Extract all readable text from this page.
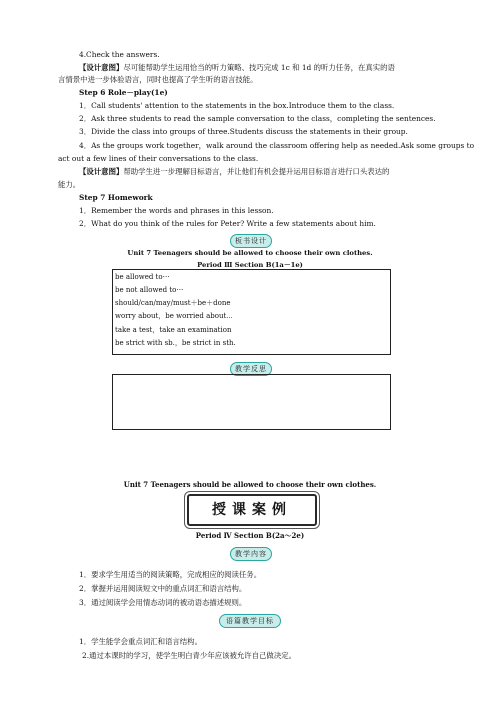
4.Check the answers.
【设计意图】尽可能帮助学生运用恰当的听力策略、技巧完成 1c 和 1d 的听力任务，在真实的语
言情景中进一步体验语言，同时也提高了学生听的语言技能。
Step 6 Role－play(1e)
1．Call students' attention to the statements in the box.Introduce them to the class.
2．Ask three students to read the sample conversation to the class，completing the sentences.
3．Divide the class into groups of three.Students discuss the statements in their group.
4．As the groups work together，walk around the classroom offering help as needed.Ask some groups to
act out a few lines of their conversations to the class.
【设计意图】帮助学生进一步理解目标语言，并让他们有机会提升运用目标语言进行口头表达的
能力。
Step 7 Homework
1．Remember the words and phrases in this lesson.
2．What do you think of the rules for Peter? Write a few statements about him.
板书设计
Unit 7 Teenagers should be allowed to choose their own clothes.
Period Ⅲ Section B(1a－1e)
be allowed to⋯
be not allowed to⋯
should/can/may/must＋be＋done
worry about，be worried about⋯
take a test，take an examination
be strict with sb.，be strict in sth.
教学反思
Unit 7 Teenagers should be allowed to choose their own clothes.
授课案例
Period Ⅳ Section B(2a～2e)
教学内容
1．要求学生用适当的阅读策略，完成相应的阅读任务。
2．掌握并运用阅读短文中的重点词汇和语言结构。
3．通过阅读学会用情态动词的被动语态描述规则。
语篇教学目标
1．学生能学会重点词汇和语言结构。
2.通过本课时的学习，使学生明白青少年应该被允许自己做决定。
